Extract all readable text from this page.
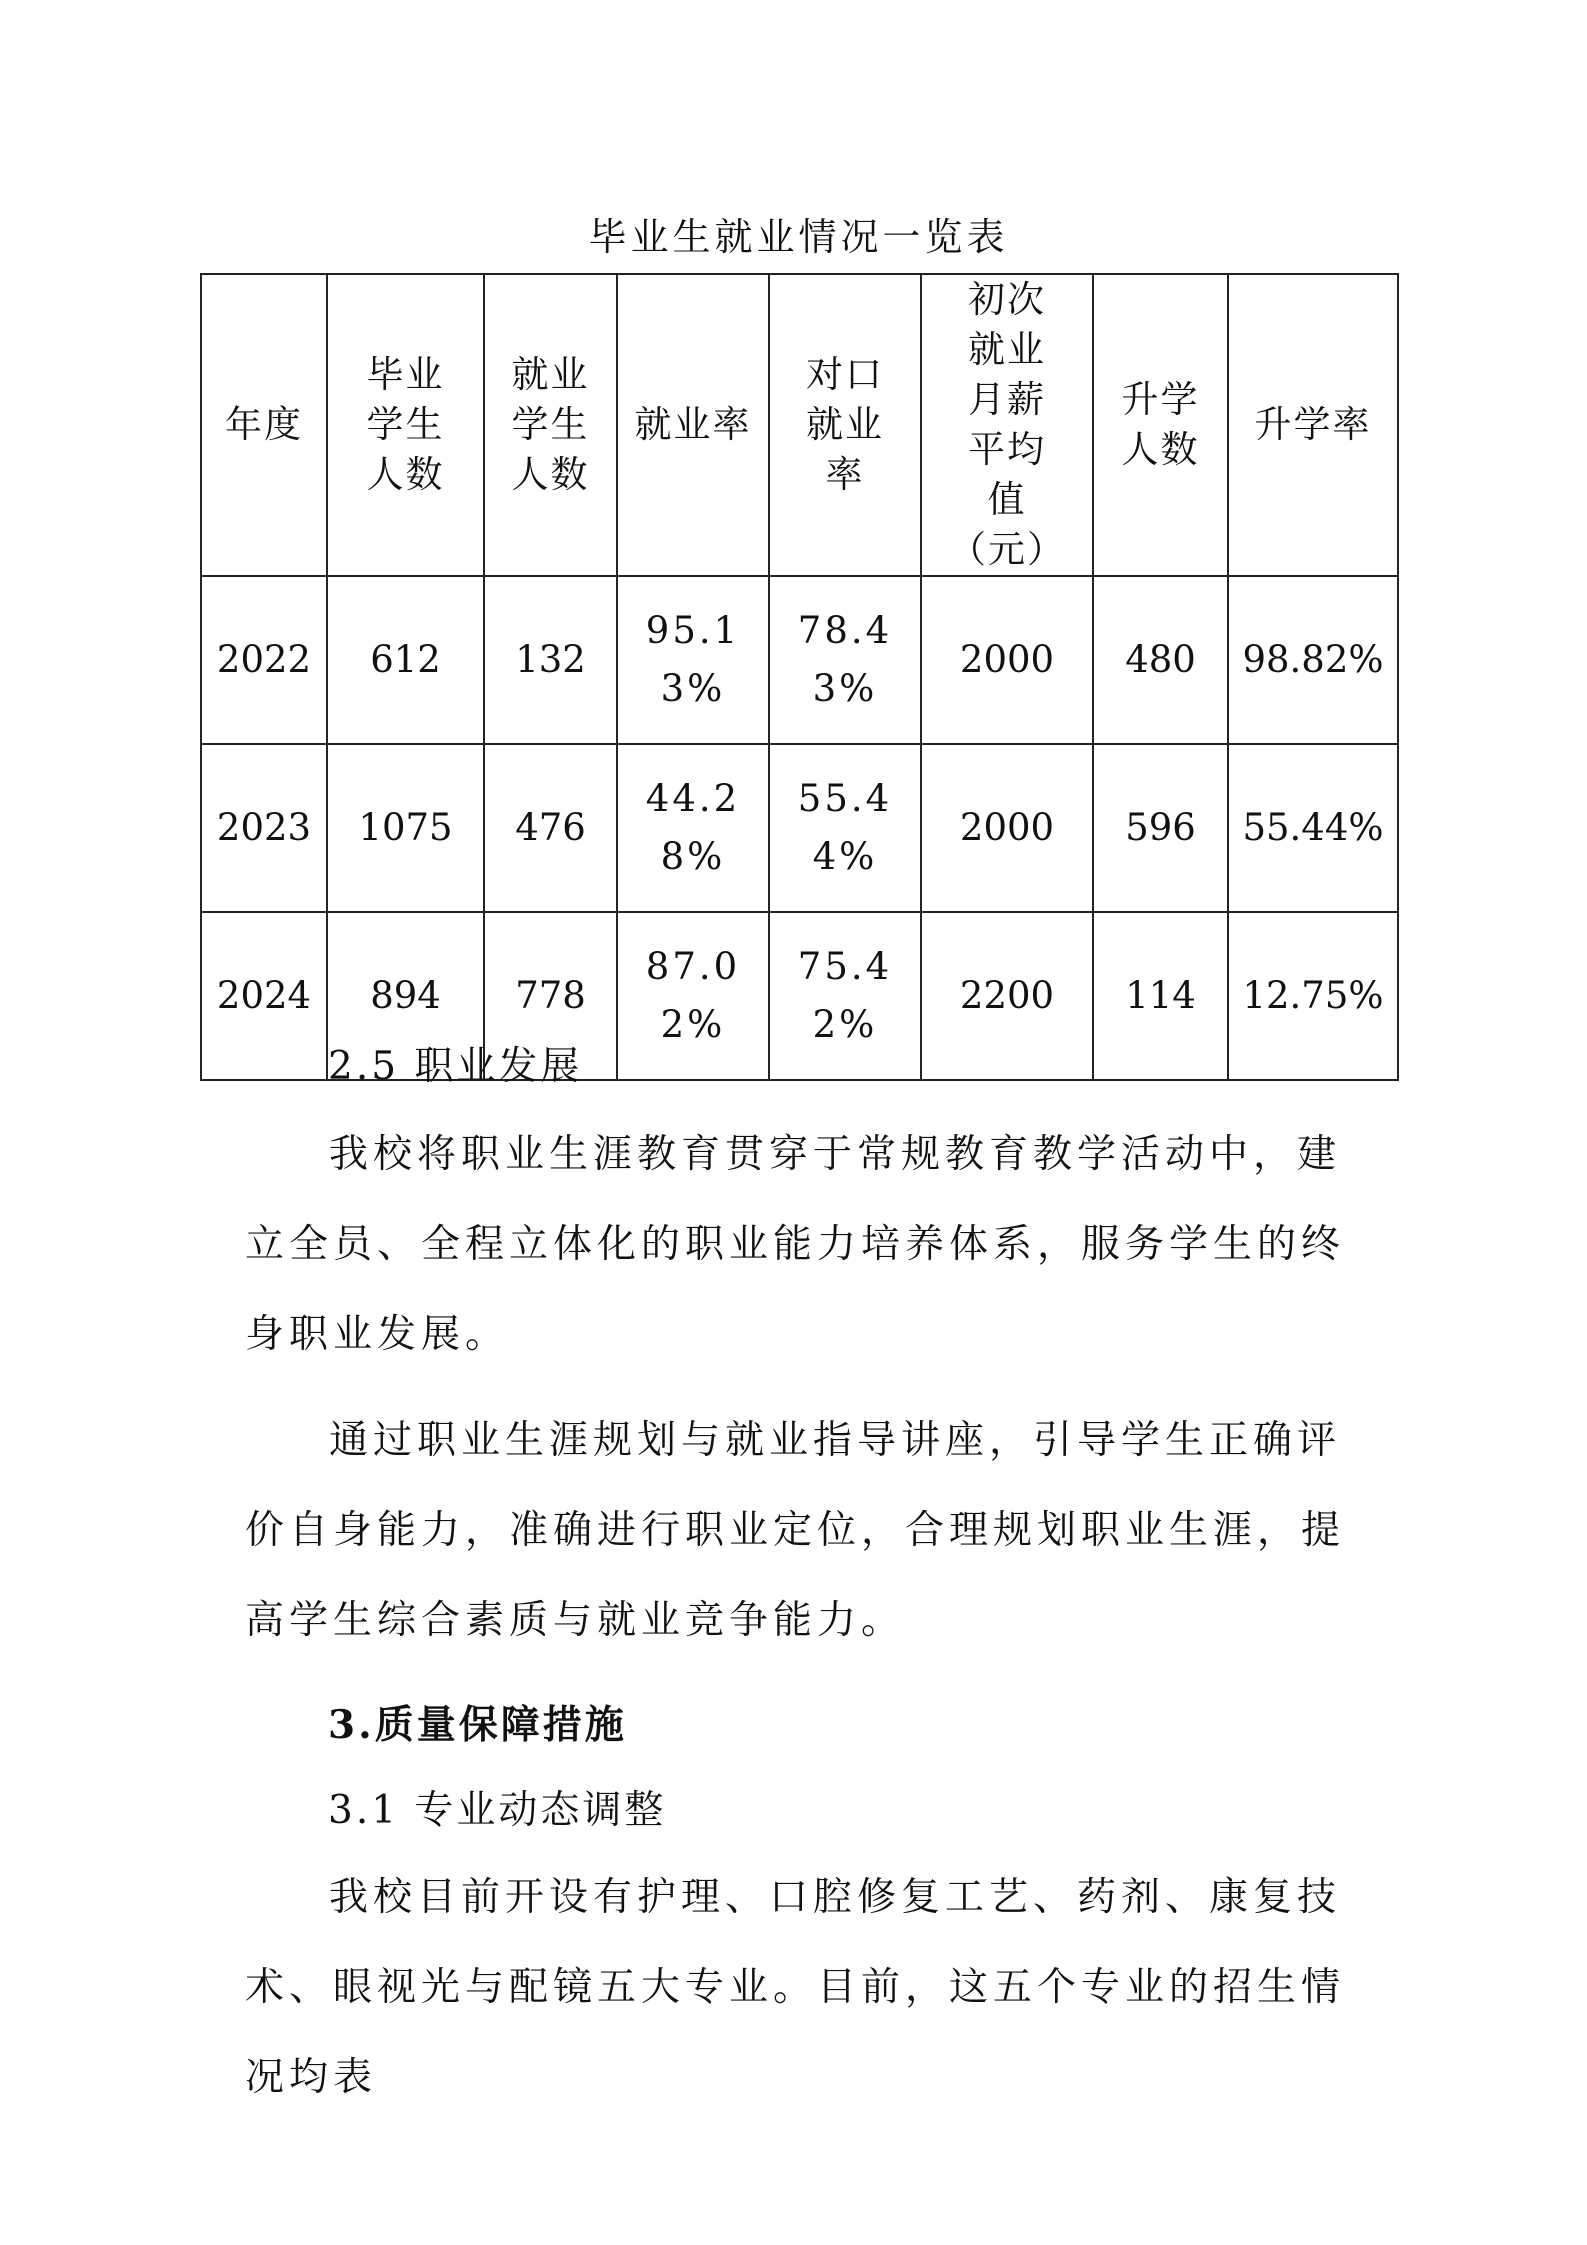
毕业生就业情况一览表
年度	毕业学生人数	就业学生人数	就业率	对口就业率	初次就业月薪平均值（元）	升学人数	升学率
2022	612	132	95.13%	78.43%	2000	480	98.82%
2023	1075	476	44.28%	55.44%	2000	596	55.44%
2024	894	778	87.02%	75.42%	2200	114	12.75%

2.5 职业发展

我校将职业生涯教育贯穿于常规教育教学活动中，建立全员、全程立体化的职业能力培养体系，服务学生的终身职业发展。

通过职业生涯规划与就业指导讲座，引导学生正确评价自身能力，准确进行职业定位，合理规划职业生涯，提高学生综合素质与就业竞争能力。

3.质量保障措施

3.1 专业动态调整

我校目前开设有护理、口腔修复工艺、药剂、康复技术、眼视光与配镜五大专业。目前，这五个专业的招生情况均表
